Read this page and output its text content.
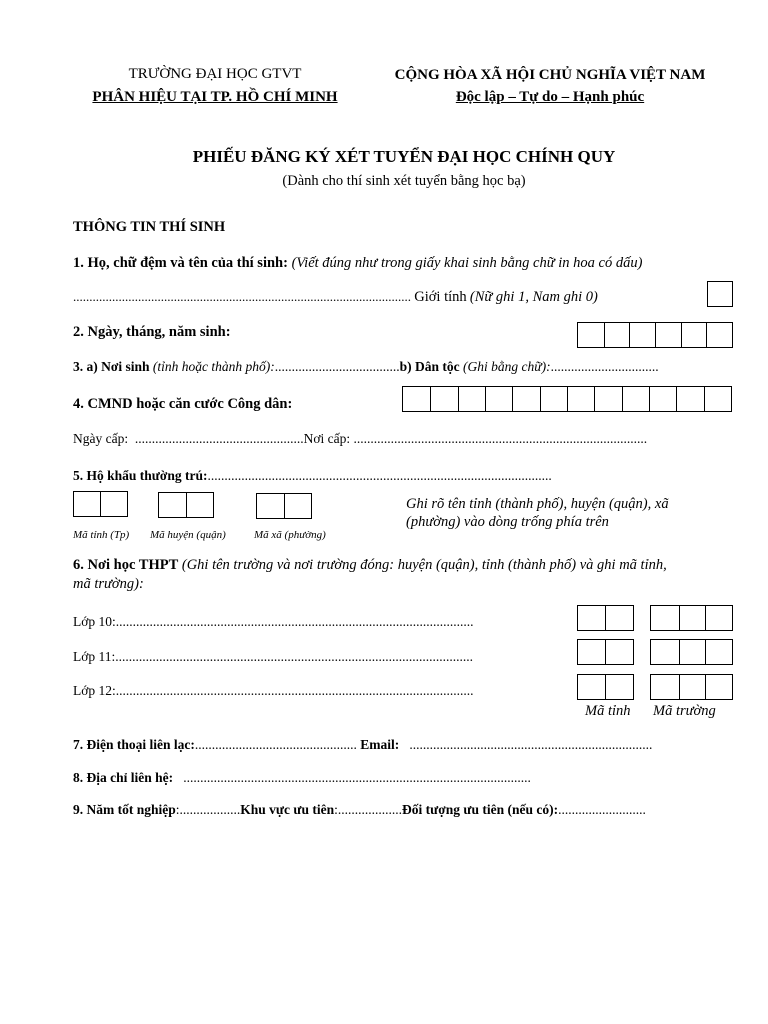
TRƯỜNG ĐẠI HỌC GTVT
PHÂN HIỆU TẠI TP. HỒ CHÍ MINH
CỘNG HÒA XÃ HỘI CHỦ NGHĨA VIỆT NAM
Độc lập – Tự do – Hạnh phúc
PHIẾU ĐĂNG KÝ XÉT TUYỂN ĐẠI HỌC CHÍNH QUY
(Dành cho thí sinh xét tuyển bằng học bạ)
THÔNG TIN THÍ SINH
1. Họ, chữ đệm và tên của thí sinh: (Viết đúng như trong giấy khai sinh bằng chữ in hoa có dấu)
........................................................................................................ Giới tính (Nữ ghi 1, Nam ghi 0)
2. Ngày, tháng, năm sinh:
3. a) Nơi sinh (tỉnh hoặc thành phố):.....................................b) Dân tộc (Ghi bằng chữ):................................
4. CMND hoặc căn cước Công dân:
Ngày cấp: ..................................................Nơi cấp: .......................................................................................
5. Hộ khẩu thường trú:......................................................................................................
Mã tỉnh (Tp) Mã huyện (quận)	Mã xã (phường)
Ghi rõ tên tỉnh (thành phố), huyện (quận), xã
(phường) vào dòng trống phía trên
6. Nơi học THPT (Ghi tên trường và nơi trường đóng: huyện (quận), tỉnh (thành phố) và ghi mã tỉnh,
mã trường):
Lớp 10:..........................................................................................................
Lớp 11:..........................................................................................................
Lớp 12:..........................................................................................................
Mã tỉnh Mã trường
7. Điện thoại liên lạc:................................................ Email: ........................................................................
8. Địa chỉ liên hệ: .......................................................................................................
9. Năm tốt nghiệp:..................Khu vực ưu tiên:...................Đối tượng ưu tiên (nếu có):..........................
